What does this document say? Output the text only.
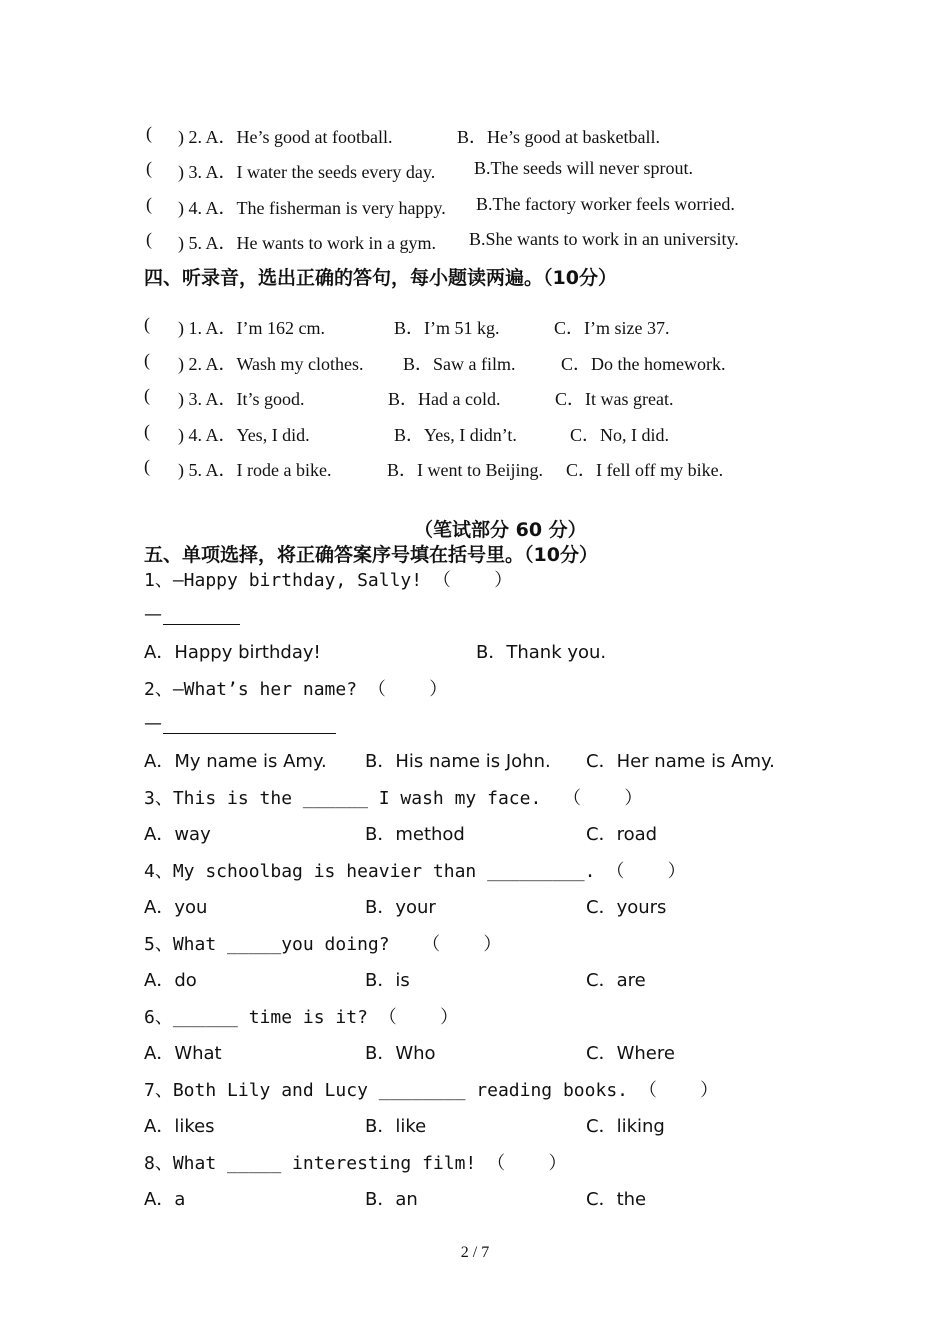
( ) 2. A．He’s good at football.	B．He’s good at basketball.
( ) 3. A．I water the seeds every day. B.The seeds will never sprout.
( ) 4. A．The fisherman is very happy. B.The factory worker feels worried.
( ) 5. A．He wants to work in a gym. B.She wants to work in an university.
四、听录音，选出正确的答句，每小题读两遍。（10分）
( ) 1. A．I’m 162 cm.	B．I’m 51 kg.	C．I’m size 37.
( ) 2. A．Wash my clothes. B．Saw a film.	C．Do the homework.
( ) 3. A．It’s good.	B．Had a cold.	C．It was great.
( ) 4. A．Yes, I did.	B．Yes, I didn’t.	C．No, I did.
( ) 5. A．I rode a bike.	B．I went to Beijing. C．I fell off my bike.
（笔试部分 60 分）
五、单项选择，将正确答案序号填在括号里。（10分）
1、—Happy birthday, Sally! （    ）
—
A．Happy birthday!	B．Thank you.
2、—What’s her name? （    ）
—
A．My name is Amy. B．His name is John. C．Her name is Amy.
3、This is the ______ I wash my face.  （    ）
A．way	B．method	C．road
4、My schoolbag is heavier than _________. （    ）
A．you	B．your	C．yours
5、What _____you doing?   （    ）
A．do	B．is	C．are
6、______ time is it? （    ）
A．What	B．Who	C．Where
7、Both Lily and Lucy ________ reading books. （    ）
A．likes	B．like	C．liking
8、What _____ interesting film! （    ）
A．a	B．an	C．the
2 / 7
